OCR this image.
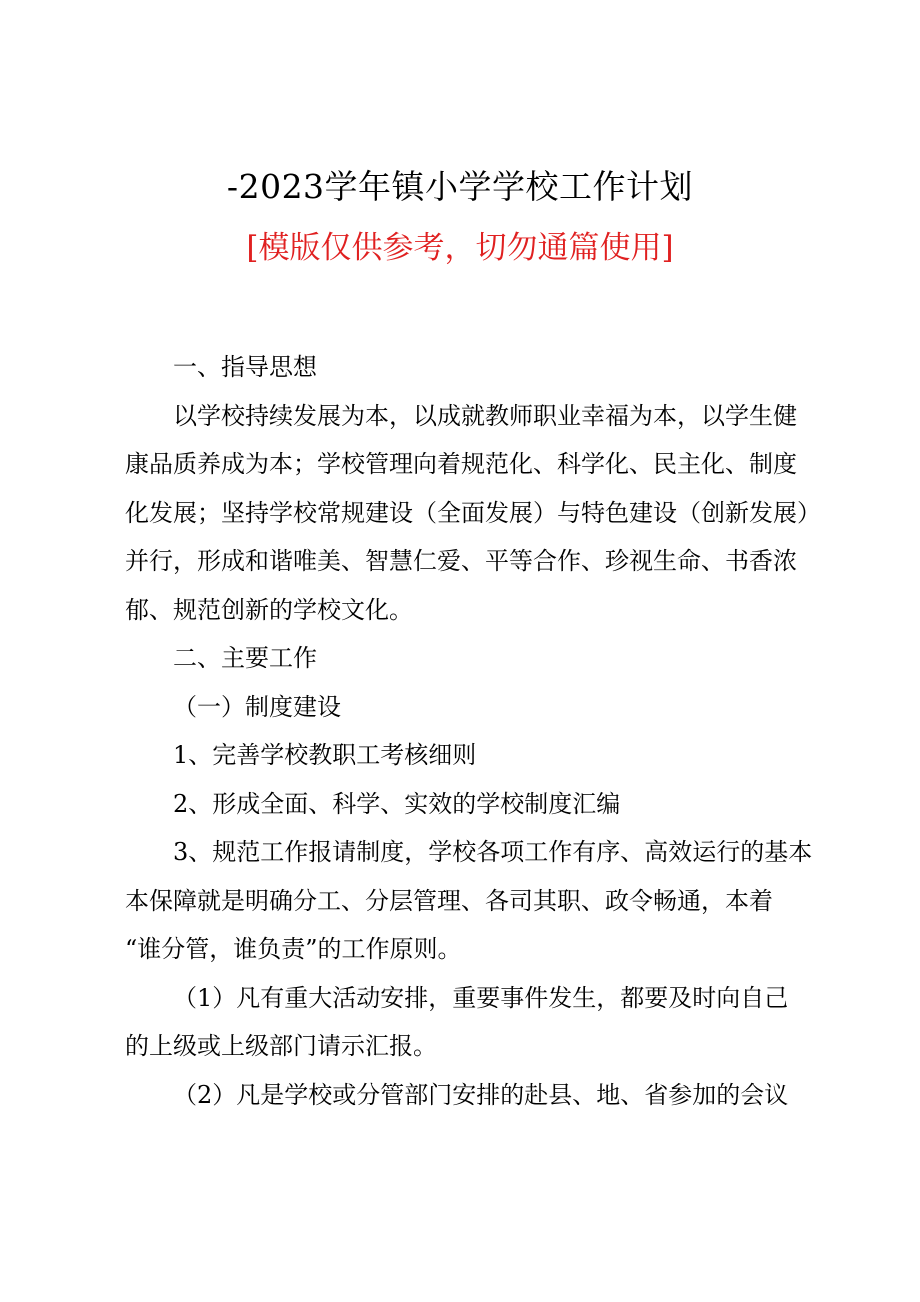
-2023学年镇小学学校工作计划
[模版仅供参考，切勿通篇使用]
一、指导思想
以学校持续发展为本，以成就教师职业幸福为本，以学生健
康品质养成为本；学校管理向着规范化、科学化、民主化、制度
化发展；坚持学校常规建设（全面发展）与特色建设（创新发展）
并行，形成和谐唯美、智慧仁爱、平等合作、珍视生命、书香浓
郁、规范创新的学校文化。
二、主要工作
（一）制度建设
1、完善学校教职工考核细则
2、形成全面、科学、实效的学校制度汇编
3、规范工作报请制度，学校各项工作有序、高效运行的基本
本保障就是明确分工、分层管理、各司其职、政令畅通，本着
“谁分管，谁负责”的工作原则。
（1）凡有重大活动安排，重要事件发生，都要及时向自己
的上级或上级部门请示汇报。
（2）凡是学校或分管部门安排的赴县、地、省参加的会议
